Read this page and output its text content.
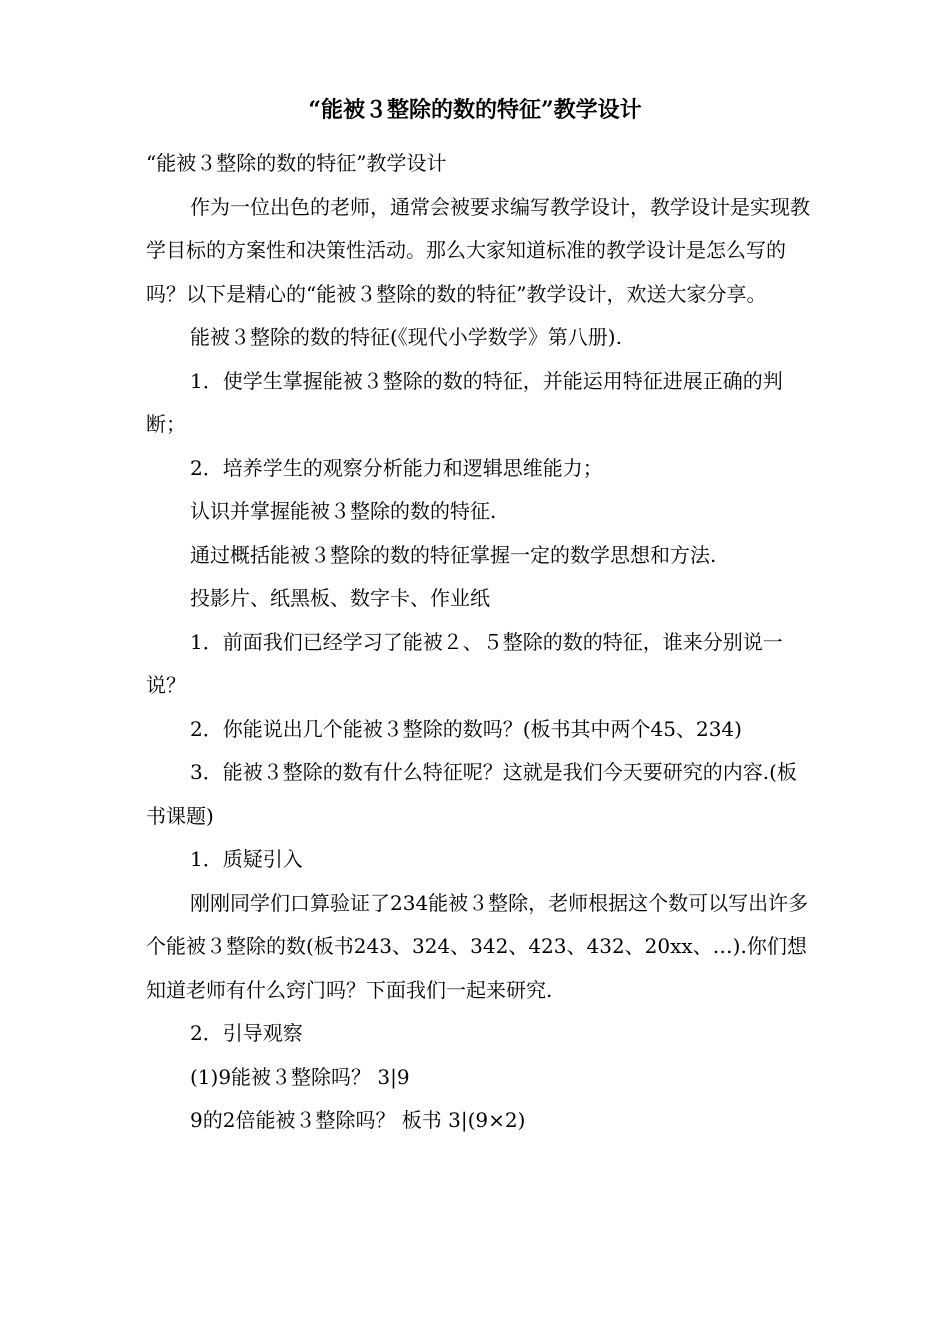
“能被３整除的数的特征”教学设计

“能被３整除的数的特征”教学设计

作为一位出色的老师，通常会被要求编写教学设计，教学设计是实现教学目标的方案性和决策性活动。那么大家知道标准的教学设计是怎么写的吗？以下是精心的“能被３整除的数的特征”教学设计，欢送大家分享。

能被３整除的数的特征(《现代小学数学》第八册).

1．使学生掌握能被３整除的数的特征，并能运用特征进展正确的判断；

2．培养学生的观察分析能力和逻辑思维能力；

认识并掌握能被３整除的数的特征.

通过概括能被３整除的数的特征掌握一定的数学思想和方法.

投影片、纸黑板、数字卡、作业纸

1．前面我们已经学习了能被２、５整除的数的特征，谁来分别说一说？

2．你能说出几个能被３整除的数吗？(板书其中两个45、234)

3．能被３整除的数有什么特征呢？这就是我们今天要研究的内容.(板书课题)

1．质疑引入

刚刚同学们口算验证了234能被３整除，老师根据这个数可以写出许多个能被３整除的数(板书243、324、342、423、432、20xx、…).你们想知道老师有什么窍门吗？下面我们一起来研究.

2．引导观察

(1)9能被３整除吗？ 3|9

9的2倍能被３整除吗？ 板书 3|(9×2)
